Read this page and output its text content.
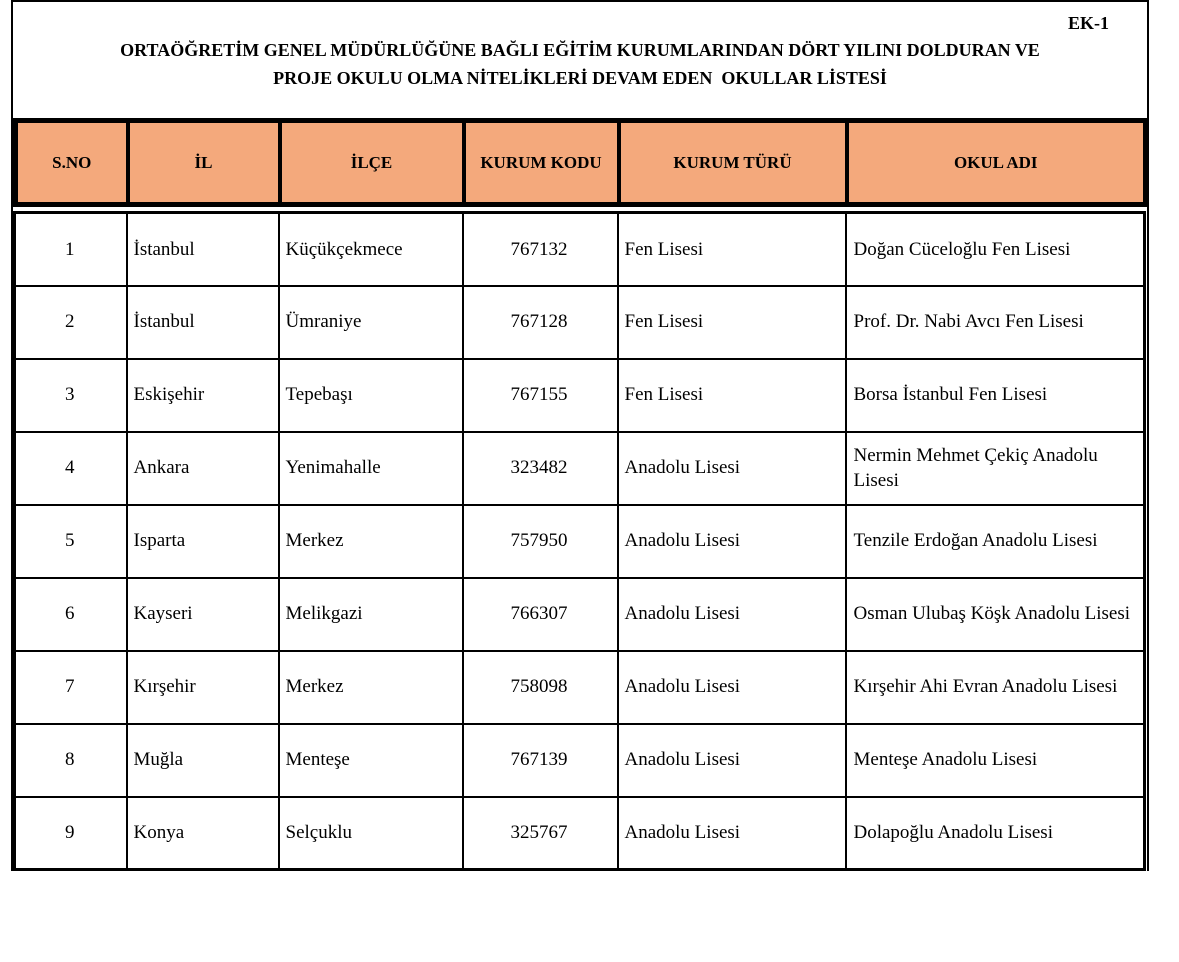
EK-1
ORTAÖĞRETİM GENEL MÜDÜRLÜĞÜNE BAĞLI EĞİTİM KURUMLARINDAN DÖRT YILINI DOLDURAN VE
PROJE OKULU OLMA NİTELİKLERİ DEVAM EDEN  OKULLAR LİSTESİ
S.NO	İL	İLÇE	KURUM KODU	KURUM TÜRÜ	OKUL ADI
1	İstanbul	Küçükçekmece	767132	Fen Lisesi	Doğan Cüceloğlu Fen Lisesi
2	İstanbul	Ümraniye	767128	Fen Lisesi	Prof. Dr. Nabi Avcı Fen Lisesi
3	Eskişehir	Tepebaşı	767155	Fen Lisesi	Borsa İstanbul Fen Lisesi
4	Ankara	Yenimahalle	323482	Anadolu Lisesi	Nermin Mehmet Çekiç Anadolu Lisesi
5	Isparta	Merkez	757950	Anadolu Lisesi	Tenzile Erdoğan Anadolu Lisesi
6	Kayseri	Melikgazi	766307	Anadolu Lisesi	Osman Ulubaş Köşk Anadolu Lisesi
7	Kırşehir	Merkez	758098	Anadolu Lisesi	Kırşehir Ahi Evran Anadolu Lisesi
8	Muğla	Menteşe	767139	Anadolu Lisesi	Menteşe Anadolu Lisesi
9	Konya	Selçuklu	325767	Anadolu Lisesi	Dolapoğlu Anadolu Lisesi
